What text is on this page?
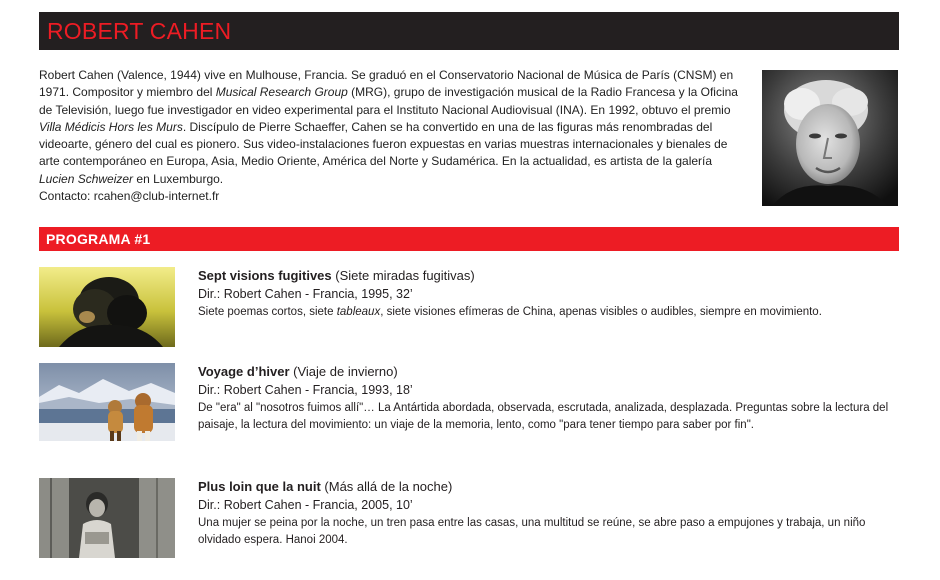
ROBERT CAHEN

Robert Cahen (Valence, 1944) vive en Mulhouse, Francia. Se graduó en el Conservatorio Nacional de Música de París (CNSM) en 1971. Compositor y miembro del Musical Research Group (MRG), grupo de investigación musical de la Radio Francesa y la Oficina de Televisión, luego fue investigador en video experimental para el Instituto Nacional Audiovisual (INA). En 1992, obtuvo el premio Villa Médicis Hors les Murs. Discípulo de Pierre Schaeffer, Cahen se ha convertido en una de las figuras más renombradas del videoarte, género del cual es pionero. Sus video-instalaciones fueron expuestas en varias muestras internacionales y bienales de arte contemporáneo en Europa, Asia, Medio Oriente, América del Norte y Sudamérica. En la actualidad, es artista de la galería Lucien Schweizer en Luxemburgo.

Contacto: rcahen@club-internet.fr

PROGRAMA #1
Sept visions fugitives (Siete miradas fugitivas)
Dir.: Robert Cahen - Francia, 1995, 32’
Siete poemas cortos, siete tableaux, siete visiones efímeras de China, apenas visibles o audibles, siempre en movimiento.
Voyage d’hiver (Viaje de invierno)
Dir.: Robert Cahen - Francia, 1993, 18’
De "era" al "nosotros fuimos allí"… La Antártida abordada, observada, escrutada, analizada, desplazada. Preguntas sobre la lectura del paisaje, la lectura del movimiento: un viaje de la memoria, lento, como "para tener tiempo para saber por fin".
Plus loin que la nuit (Más allá de la noche)
Dir.: Robert Cahen - Francia, 2005, 10’
Una mujer se peina por la noche, un tren pasa entre las casas, una multitud se reúne, se abre paso a empujones y trabaja, un niño olvidado espera. Hanoi 2004.
